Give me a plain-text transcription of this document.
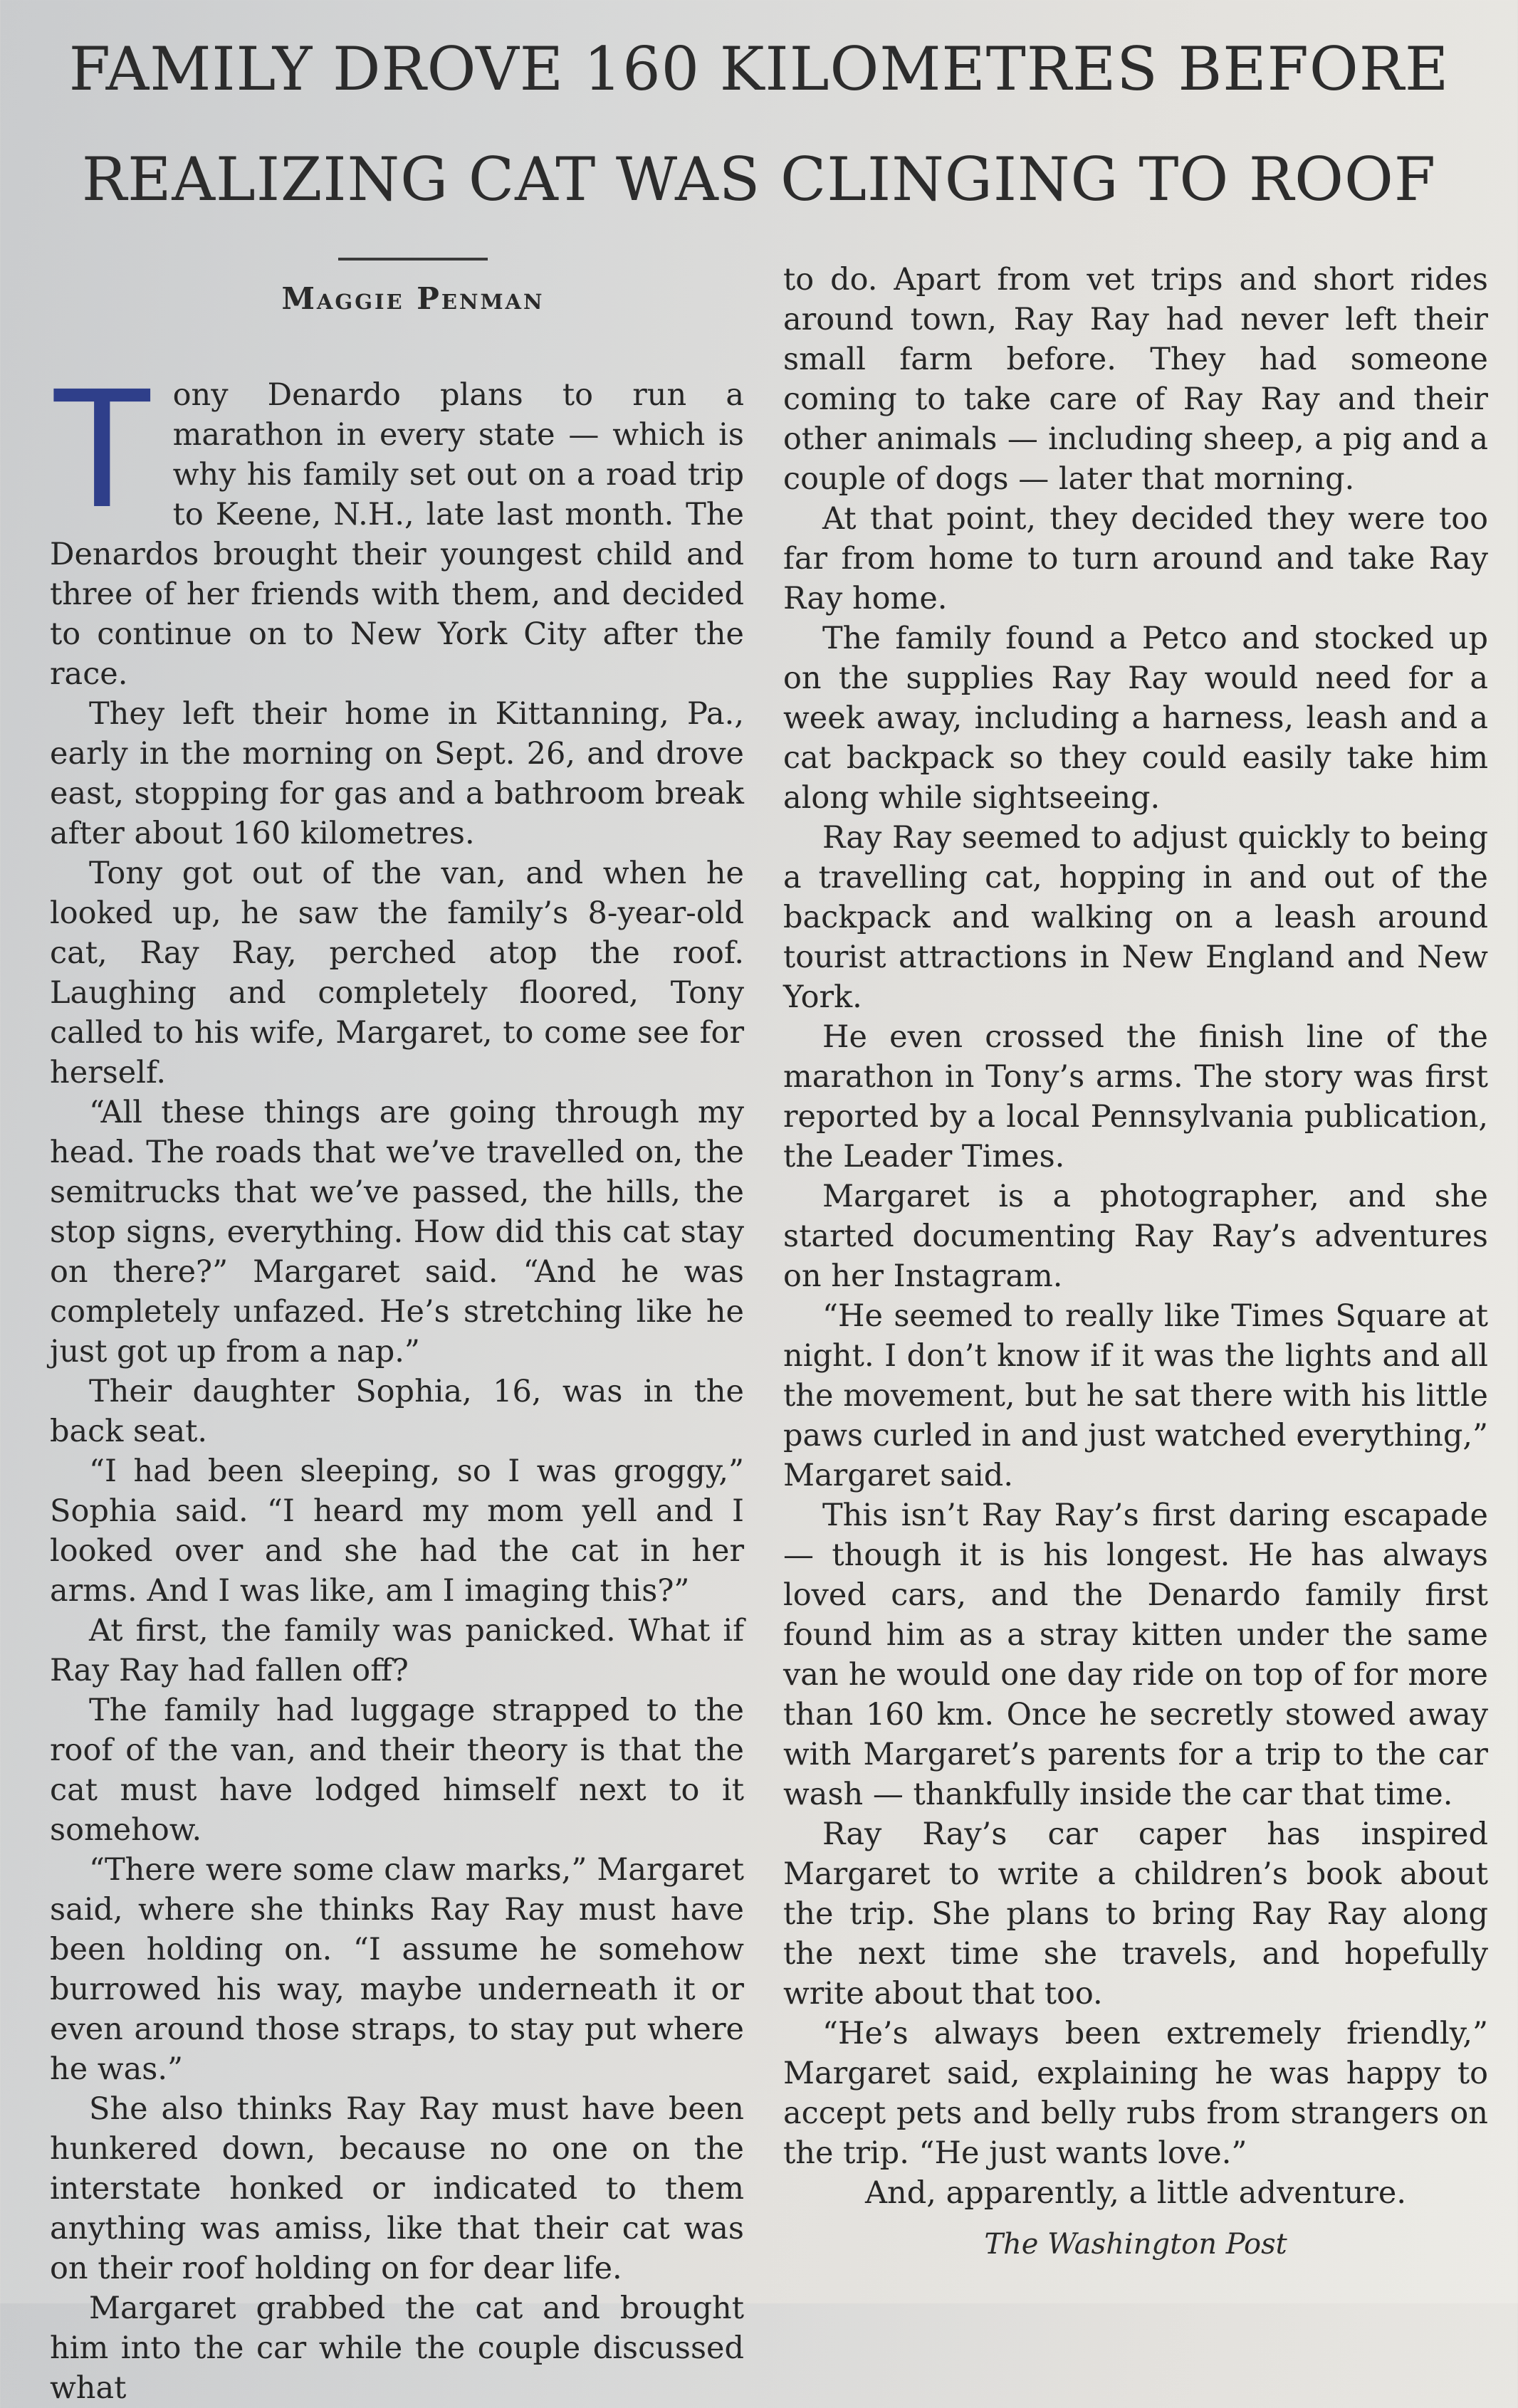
FAMILY DROVE 160 KILOMETRES BEFORE
REALIZING CAT WAS CLINGING TO ROOF

Maggie Penman

Tony Denardo plans to run a marathon in every state — which is why his family set out on a road trip to Keene, N.H., late last month. The Denardos brought their youngest child and three of her friends with them, and decided to continue on to New York City after the race.

They left their home in Kittanning, Pa., early in the morning on Sept. 26, and drove east, stopping for gas and a bathroom break after about 160 kilometres.

Tony got out of the van, and when he looked up, he saw the family’s 8-year-old cat, Ray Ray, perched atop the roof. Laughing and completely floored, Tony called to his wife, Margaret, to come see for herself.

“All these things are going through my head. The roads that we’ve travelled on, the semitrucks that we’ve passed, the hills, the stop signs, everything. How did this cat stay on there?” Margaret said. “And he was completely unfazed. He’s stretching like he just got up from a nap.”

Their daughter Sophia, 16, was in the back seat.

“I had been sleeping, so I was groggy,” Sophia said. “I heard my mom yell and I looked over and she had the cat in her arms. And I was like, am I imaging this?”

At first, the family was panicked. What if Ray Ray had fallen off?

The family had luggage strapped to the roof of the van, and their theory is that the cat must have lodged himself next to it somehow.

“There were some claw marks,” Margaret said, where she thinks Ray Ray must have been holding on. “I assume he somehow burrowed his way, maybe underneath it or even around those straps, to stay put where he was.”

She also thinks Ray Ray must have been hunkered down, because no one on the interstate honked or indicated to them anything was amiss, like that their cat was on their roof holding on for dear life.

Margaret grabbed the cat and brought him into the car while the couple discussed what

to do. Apart from vet trips and short rides around town, Ray Ray had never left their small farm before. They had someone coming to take care of Ray Ray and their other animals — including sheep, a pig and a couple of dogs — later that morning.

At that point, they decided they were too far from home to turn around and take Ray Ray home.

The family found a Petco and stocked up on the supplies Ray Ray would need for a week away, including a harness, leash and a cat backpack so they could easily take him along while sightseeing.

Ray Ray seemed to adjust quickly to being a travelling cat, hopping in and out of the backpack and walking on a leash around tourist attractions in New England and New York.

He even crossed the finish line of the marathon in Tony’s arms. The story was first reported by a local Pennsylvania publication, the Leader Times.

Margaret is a photographer, and she started documenting Ray Ray’s adventures on her Instagram.

“He seemed to really like Times Square at night. I don’t know if it was the lights and all the movement, but he sat there with his little paws curled in and just watched everything,” Margaret said.

This isn’t Ray Ray’s first daring escapade — though it is his longest. He has always loved cars, and the Denardo family first found him as a stray kitten under the same van he would one day ride on top of for more than 160 km. Once he secretly stowed away with Margaret’s parents for a trip to the car wash — thankfully inside the car that time.

Ray Ray’s car caper has inspired Margaret to write a children’s book about the trip. She plans to bring Ray Ray along the next time she travels, and hopefully write about that too.

“He’s always been extremely friendly,” Margaret said, explaining he was happy to accept pets and belly rubs from strangers on the trip. “He just wants love.”

And, apparently, a little adventure.

The Washington Post
